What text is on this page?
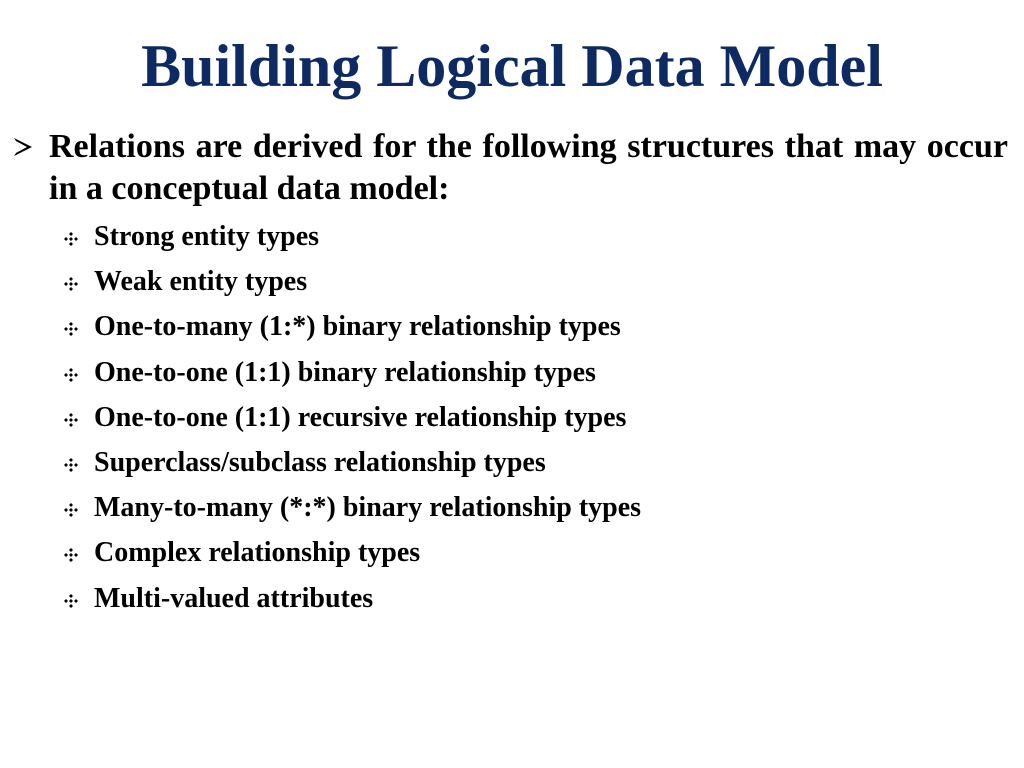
Building Logical Data Model
Relations are derived for the following structures that may occur in a conceptual data model:
Strong entity types
Weak entity types
One-to-many (1:*) binary relationship types
One-to-one (1:1) binary relationship types
One-to-one (1:1) recursive relationship types
Superclass/subclass relationship types
Many-to-many (*:*) binary relationship types
Complex relationship types
Multi-valued attributes
